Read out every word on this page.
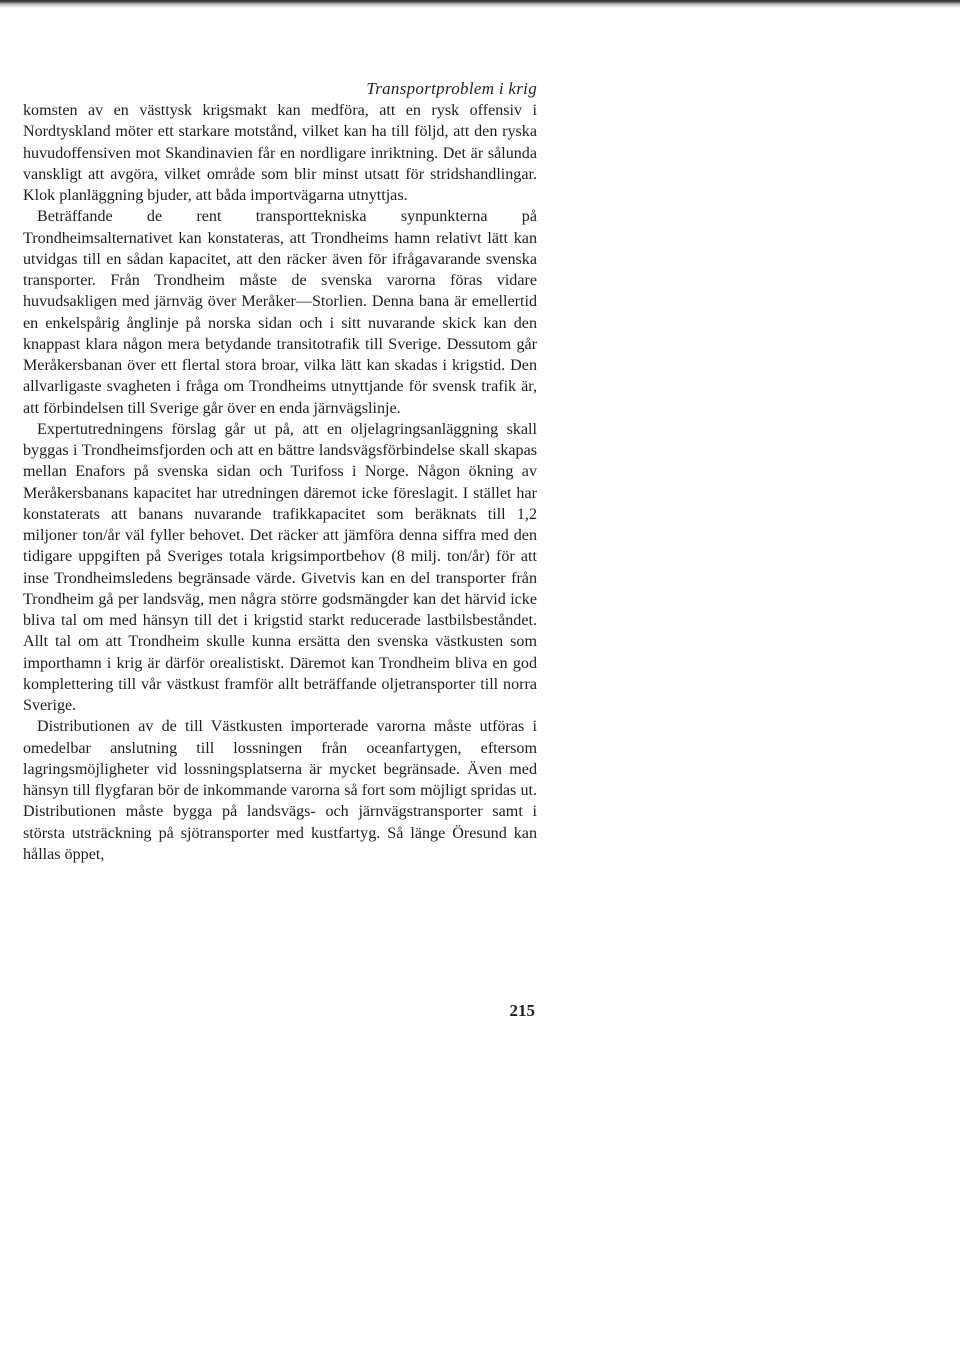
Transportproblem i krig

komsten av en västtysk krigsmakt kan medföra, att en rysk offensiv i Nordtyskland möter ett starkare motstånd, vilket kan ha till följd, att den ryska huvudoffensiven mot Skandinavien får en nordligare inriktning. Det är sålunda vanskligt att avgöra, vilket område som blir minst utsatt för stridshandlingar. Klok planläggning bjuder, att båda importvägarna utnyttjas.

Beträffande de rent transporttekniska synpunkterna på Trondheimsalternativet kan konstateras, att Trondheims hamn relativt lätt kan utvidgas till en sådan kapacitet, att den räcker även för ifrågavarande svenska transporter. Från Trondheim måste de svenska varorna föras vidare huvudsakligen med järnväg över Meråker—Storlien. Denna bana är emellertid en enkelspårig ånglinje på norska sidan och i sitt nuvarande skick kan den knappast klara någon mera betydande transitotrafik till Sverige. Dessutom går Meråkersbanan över ett flertal stora broar, vilka lätt kan skadas i krigstid. Den allvarligaste svagheten i fråga om Trondheims utnyttjande för svensk trafik är, att förbindelsen till Sverige går över en enda järnvägslinje.

Expertutredningens förslag går ut på, att en oljelagringsanläggning skall byggas i Trondheimsfjorden och att en bättre landsvägsförbindelse skall skapas mellan Enafors på svenska sidan och Turifoss i Norge. Någon ökning av Meråkersbanans kapacitet har utredningen däremot icke föreslagit. I stället har konstaterats att banans nuvarande trafikkapacitet som beräknats till 1,2 miljoner ton/år väl fyller behovet. Det räcker att jämföra denna siffra med den tidigare uppgiften på Sveriges totala krigsimportbehov (8 milj. ton/år) för att inse Trondheimsledens begränsade värde. Givetvis kan en del transporter från Trondheim gå per landsväg, men några större godsmängder kan det härvid icke bliva tal om med hänsyn till det i krigstid starkt reducerade lastbilsbeståndet. Allt tal om att Trondheim skulle kunna ersätta den svenska västkusten som importhamn i krig är därför orealistiskt. Däremot kan Trondheim bliva en god komplettering till vår västkust framför allt beträffande oljetransporter till norra Sverige.

Distributionen av de till Västkusten importerade varorna måste utföras i omedelbar anslutning till lossningen från oceanfartygen, eftersom lagringsmöjligheter vid lossningsplatserna är mycket begränsade. Även med hänsyn till flygfaran bör de inkommande varorna så fort som möjligt spridas ut. Distributionen måste bygga på landsvägs- och järnvägstransporter samt i största utsträckning på sjötransporter med kustfartyg. Så länge Öresund kan hållas öppet,

215
